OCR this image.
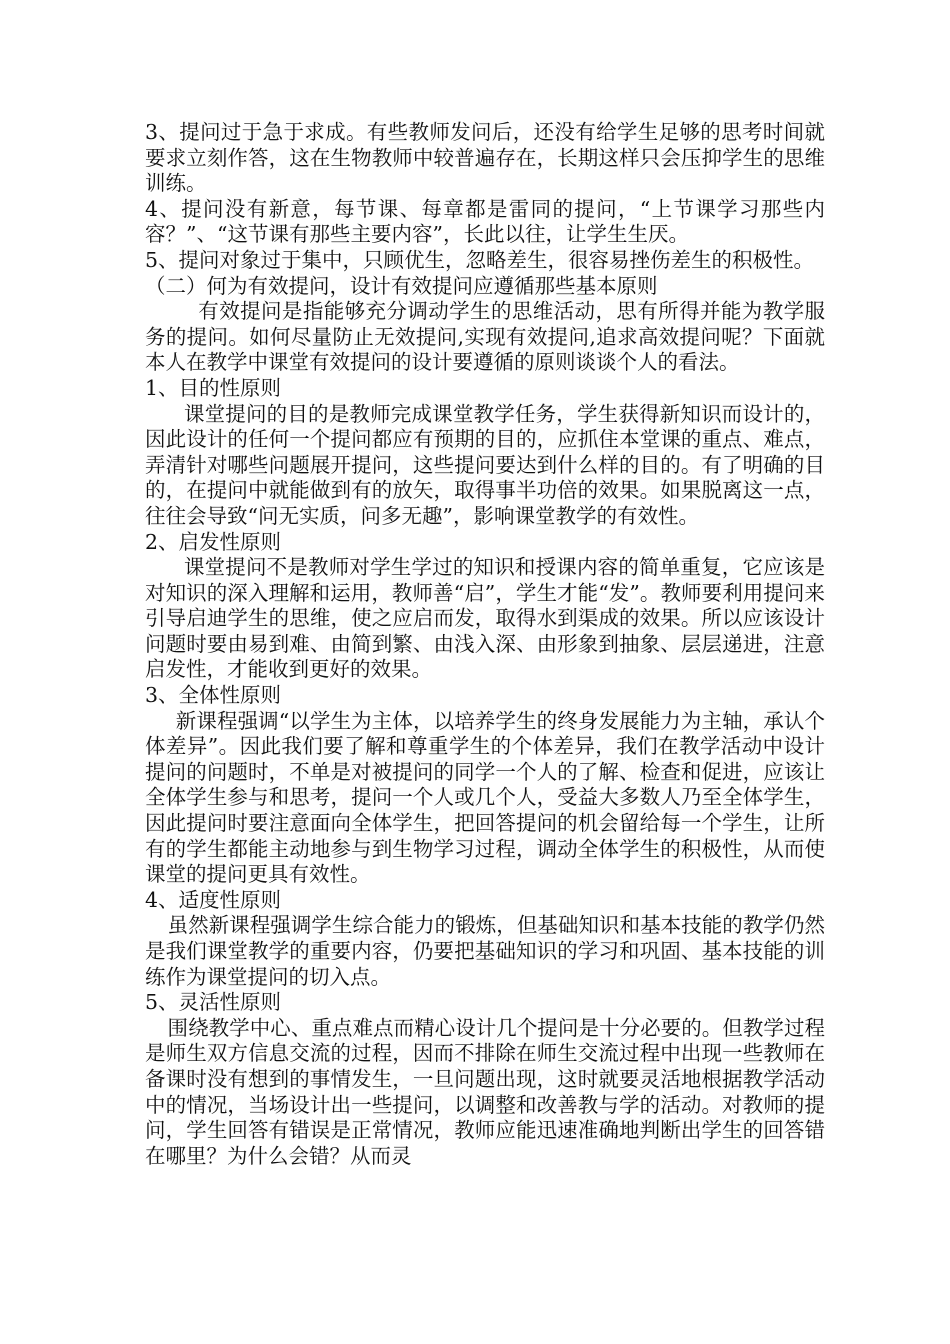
3、提问过于急于求成。有些教师发问后，还没有给学生足够的思考时间就要求立刻作答，这在生物教师中较普遍存在，长期这样只会压抑学生的思维训练。

4、提问没有新意，每节课、每章都是雷同的提问，“上节课学习那些内容？”、“这节课有那些主要内容”，长此以往，让学生生厌。

5、提问对象过于集中，只顾优生，忽略差生，很容易挫伤差生的积极性。

（二）何为有效提问，设计有效提问应遵循那些基本原则

有效提问是指能够充分调动学生的思维活动，思有所得并能为教学服务的提问。如何尽量防止无效提问,实现有效提问,追求高效提问呢？下面就本人在教学中课堂有效提问的设计要遵循的原则谈谈个人的看法。

1、目的性原则

课堂提问的目的是教师完成课堂教学任务，学生获得新知识而设计的，因此设计的任何一个提问都应有预期的目的，应抓住本堂课的重点、难点，弄清针对哪些问题展开提问，这些提问要达到什么样的目的。有了明确的目的，在提问中就能做到有的放矢，取得事半功倍的效果。如果脱离这一点，往往会导致“问无实质，问多无趣”，影响课堂教学的有效性。

2、启发性原则

课堂提问不是教师对学生学过的知识和授课内容的简单重复，它应该是对知识的深入理解和运用，教师善“启”，学生才能“发”。教师要利用提问来引导启迪学生的思维，使之应启而发，取得水到渠成的效果。所以应该设计问题时要由易到难、由简到繁、由浅入深、由形象到抽象、层层递进，注意启发性，才能收到更好的效果。

3、全体性原则

新课程强调“以学生为主体，以培养学生的终身发展能力为主轴，承认个体差异”。因此我们要了解和尊重学生的个体差异，我们在教学活动中设计提问的问题时，不单是对被提问的同学一个人的了解、检查和促进，应该让全体学生参与和思考，提问一个人或几个人，受益大多数人乃至全体学生，因此提问时要注意面向全体学生，把回答提问的机会留给每一个学生，让所有的学生都能主动地参与到生物学习过程，调动全体学生的积极性，从而使课堂的提问更具有效性。

4、适度性原则

虽然新课程强调学生综合能力的锻炼，但基础知识和基本技能的教学仍然是我们课堂教学的重要内容，仍要把基础知识的学习和巩固、基本技能的训练作为课堂提问的切入点。

5、灵活性原则

围绕教学中心、重点难点而精心设计几个提问是十分必要的。但教学过程是师生双方信息交流的过程，因而不排除在师生交流过程中出现一些教师在备课时没有想到的事情发生，一旦问题出现，这时就要灵活地根据教学活动中的情况，当场设计出一些提问，以调整和改善教与学的活动。对教师的提问，学生回答有错误是正常情况，教师应能迅速准确地判断出学生的回答错在哪里？为什么会错？从而灵
